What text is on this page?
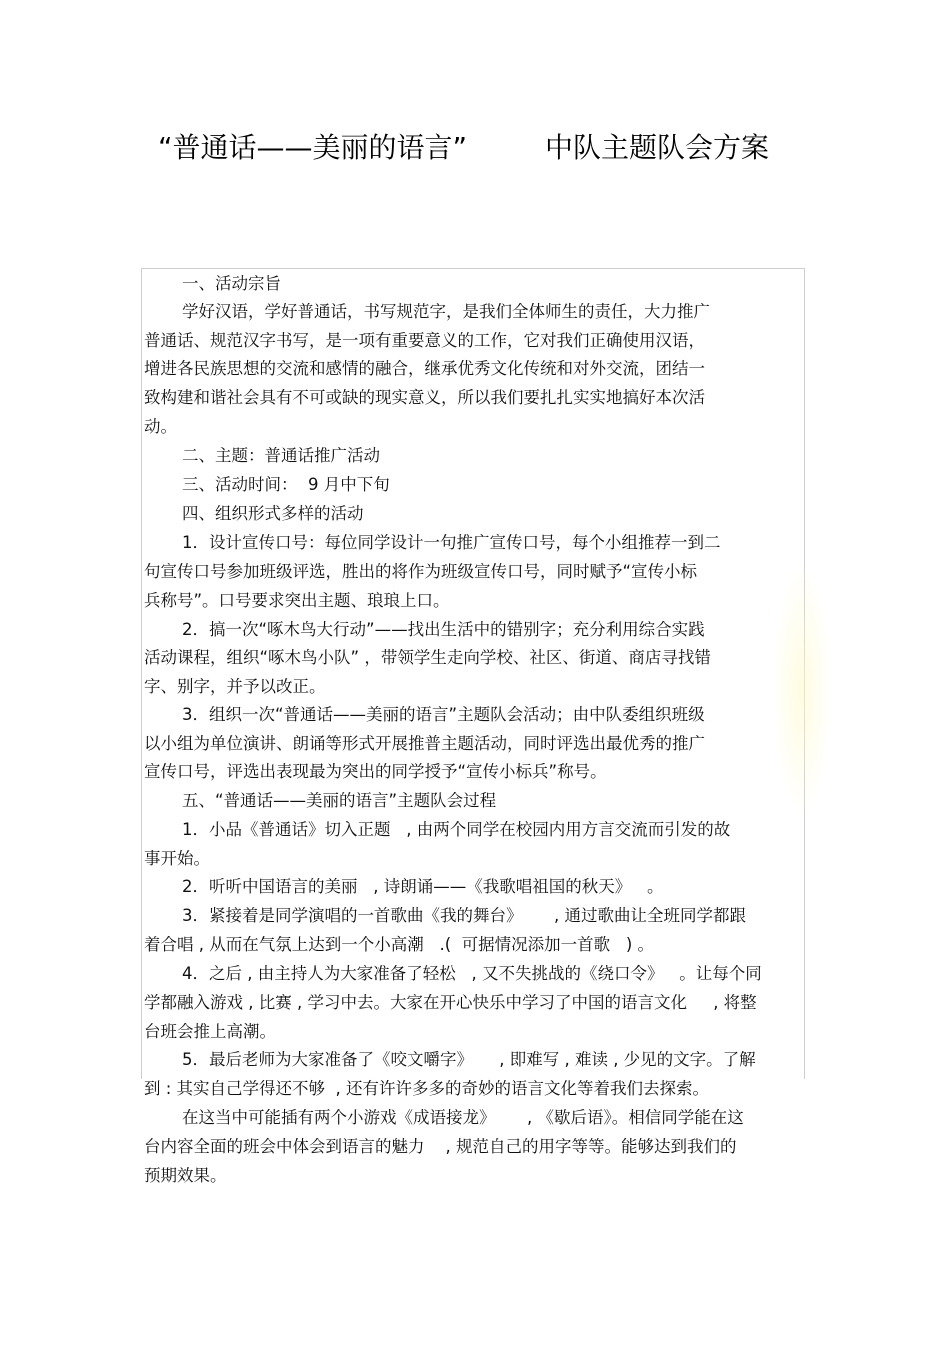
“普通话——美丽的语言”	中队主题队会方案
一、活动宗旨
学好汉语，学好普通话，书写规范字，是我们全体师生的责任，大力推广
普通话、规范汉字书写，是一项有重要意义的工作，它对我们正确使用汉语，
增进各民族思想的交流和感情的融合，继承优秀文化传统和对外交流，团结一
致构建和谐社会具有不可或缺的现实意义，所以我们要扎扎实实地搞好本次活
动。
二、主题：普通话推广活动
三、活动时间：  9 月中下旬
四、组织形式多样的活动
1．设计宣传口号：每位同学设计一句推广宣传口号，每个小组推荐一到二
句宣传口号参加班级评选，胜出的将作为班级宣传口号，同时赋予“宣传小标
兵称号”。口号要求突出主题、琅琅上口。
2．搞一次“啄木鸟大行动”——找出生活中的错别字；充分利用综合实践
活动课程，组织“啄木鸟小队” ，带领学生走向学校、社区、街道、商店寻找错
字、别字，并予以改正。
3．组织一次“普通话——美丽的语言”主题队会活动；由中队委组织班级
以小组为单位演讲、朗诵等形式开展推普主题活动，同时评选出最优秀的推广
宣传口号，评选出表现最为突出的同学授予“宣传小标兵”称号。
五、“普通话——美丽的语言”主题队会过程
1．小品《普通话》切入正题   , 由两个同学在校园内用方言交流而引发的故
事开始。
2．听听中国语言的美丽   , 诗朗诵——《我歌唱祖国的秋天》   。
3．紧接着是同学演唱的一首歌曲《我的舞台》      , 通过歌曲让全班同学都跟
着合唱 , 从而在气氛上达到一个小高潮   .(  可据情况添加一首歌   ) 。
4．之后 , 由主持人为大家准备了轻松   , 又不失挑战的《绕口令》   。让每个同
学都融入游戏 , 比赛 , 学习中去。大家在开心快乐中学习了中国的语言文化     , 将整
台班会推上高潮。
5．最后老师为大家准备了《咬文嚼字》     , 即难写 , 难读 , 少见的文字。了解
到 : 其实自己学得还不够  , 还有许许多多的奇妙的语言文化等着我们去探索。
在这当中可能插有两个小游戏《成语接龙》      , 《歇后语》。相信同学能在这
台内容全面的班会中体会到语言的魅力    , 规范自己的用字等等。能够达到我们的
预期效果。
